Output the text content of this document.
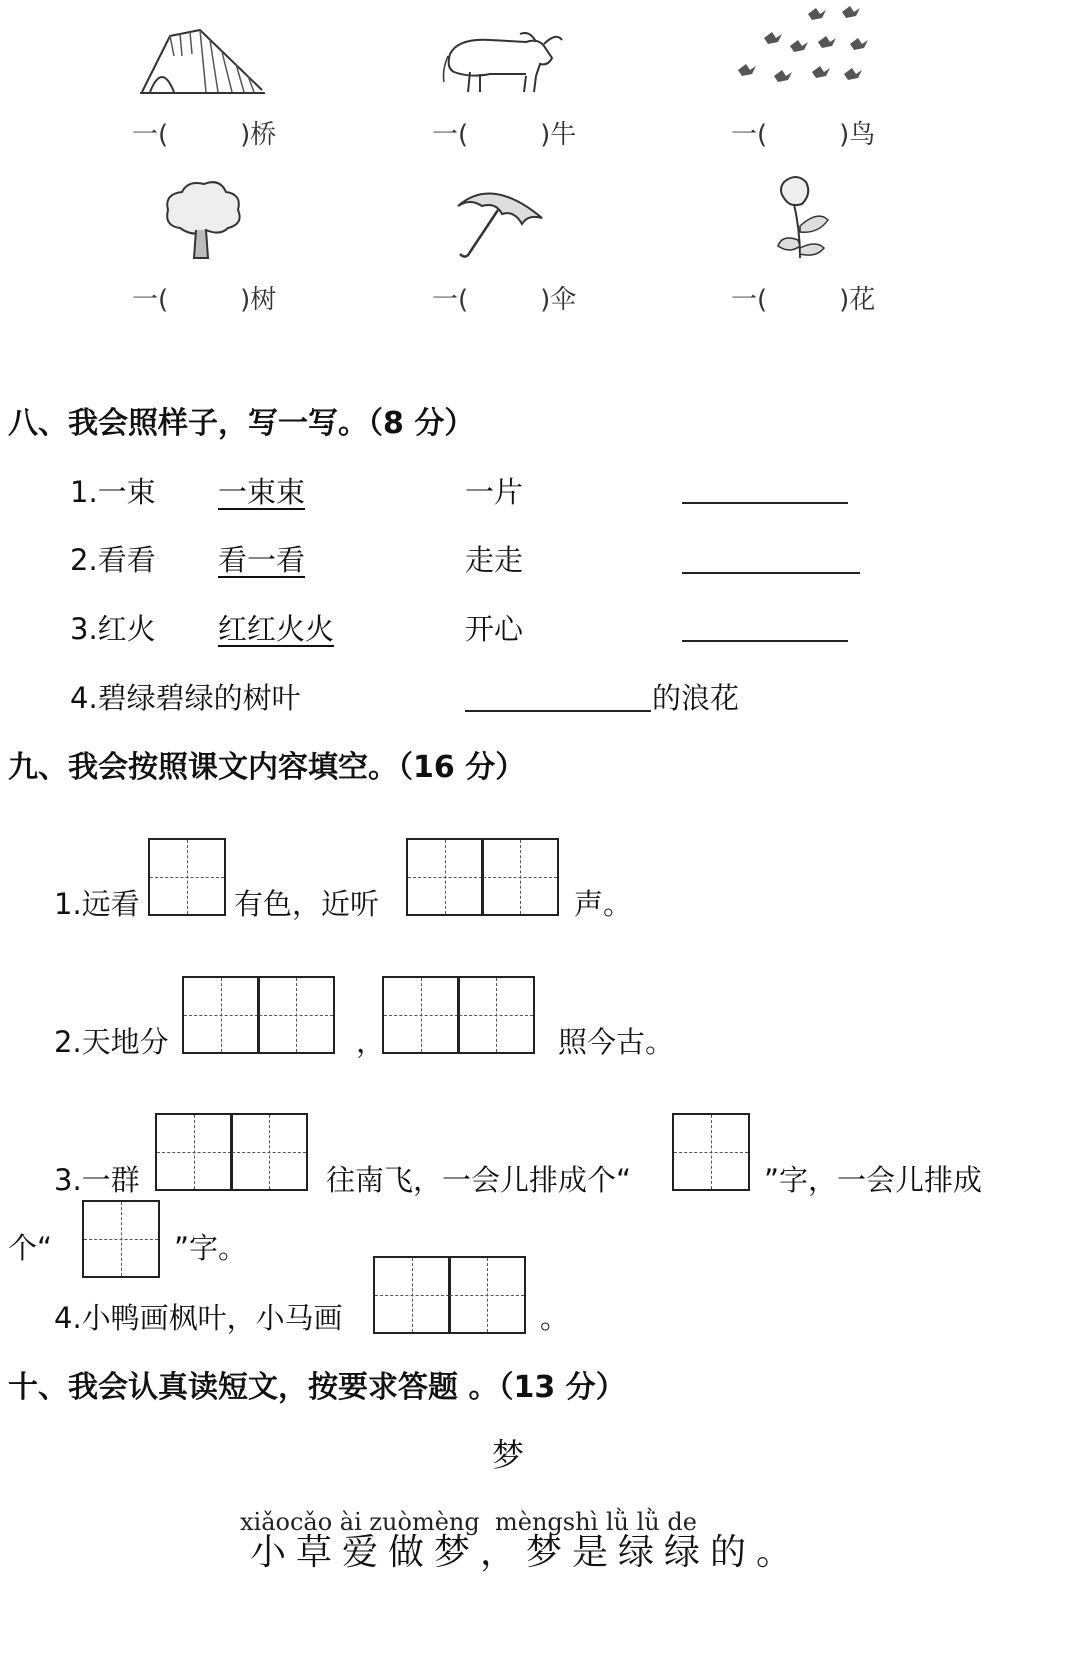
一(	)桥	一(	)牛	一(	)鸟
一(	)树	一(	)伞	一(	)花
八、我会照样子，写一写。（8 分）
1.一束 一束束	一片
2.看看 看一看	走走
3.红火 红红火火	开心
4.碧绿碧绿的树叶	的浪花
九、我会按照课文内容填空。（16 分）
1.远看	有色，近听	声。
2.天地分	，	照今古。
3.一群	往南飞，一会儿排成个“	”字，一会儿排成
个“	”字。
4.小鸭画枫叶，小马画	。
十、我会认真读短文，按要求答题 。（13 分）
梦
xiǎocǎo ài zuòmèng  mèngshì lǜ lǜ de
小草爱做梦，梦是绿绿的。
